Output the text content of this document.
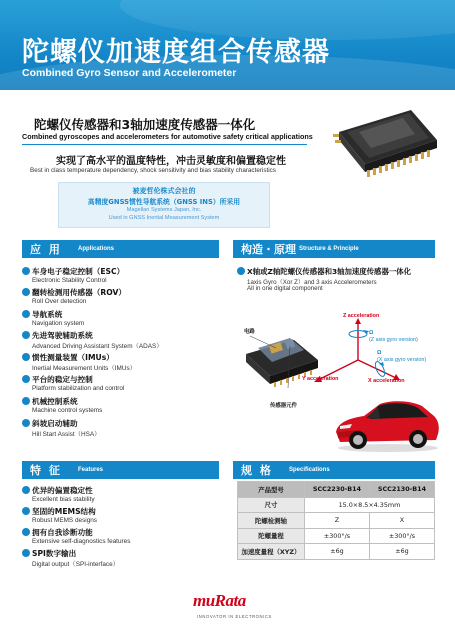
陀螺仪加速度组合传感器
Combined Gyro Sensor and Accelerometer
陀螺仪传感器和3轴加速度传感器一体化
Combined gyroscopes and accelerometers for automotive safety critical applications
实现了高水平的温度特性，冲击灵敏度和偏置稳定性
Best in class temperature dependency, shock sensitivity and bias stability characteristics
被麦哲伦株式会社的
高精度GNSS惯性导航系统（GNSS INS）所采用
Magellan Systems Japan, Inc.
Used in GNSS Inertial Measurement System
应 用	Applications
车身电子稳定控制（ESC）
Electronic Stability Control
翻转检测用传感器（ROV）
Roll Over detection
导航系统
Navigation system
先进驾驶辅助系统
Advanced Driving Assistant System（ADAS）
惯性测量装置（IMUs）
Inertial Measurement Units（IMUs）
平台的稳定与控制
Platform stabilization and control
机械控制系统
Machine control systems
斜坡启动辅助
Hill Start Assist（HSA）
构造・原理 Structure & Principle
X轴或Z轴陀螺仪传感器和3轴加速度传感器一体化
1axis Gyro（Xor Z）and 3 axis Accelerometers
All in one digital component
电路
传感器元件
Z acceleration
Ω
(Z axis gyro version)
Ω
(X axis gyro version)
Y acceleration	X acceleration
特 征	Features
优异的偏置稳定性
Excellent bias stability
坚固的MEMS结构
Robust MEMS designs
拥有自我诊断功能
Extensive self-diagnostics features
SPI数字输出
Digital output（SPI-interface）
规 格	Specifications
产品型号	SCC2230-B14	SCC2130-B14
尺寸	15.0×8.5×4.35mm	
陀螺检测轴	Z	X
陀螺量程	±300°/s	±300°/s
加速度量程（XYZ）	±6g	±6g
muRata
INNOVATOR IN ELECTRONICS
